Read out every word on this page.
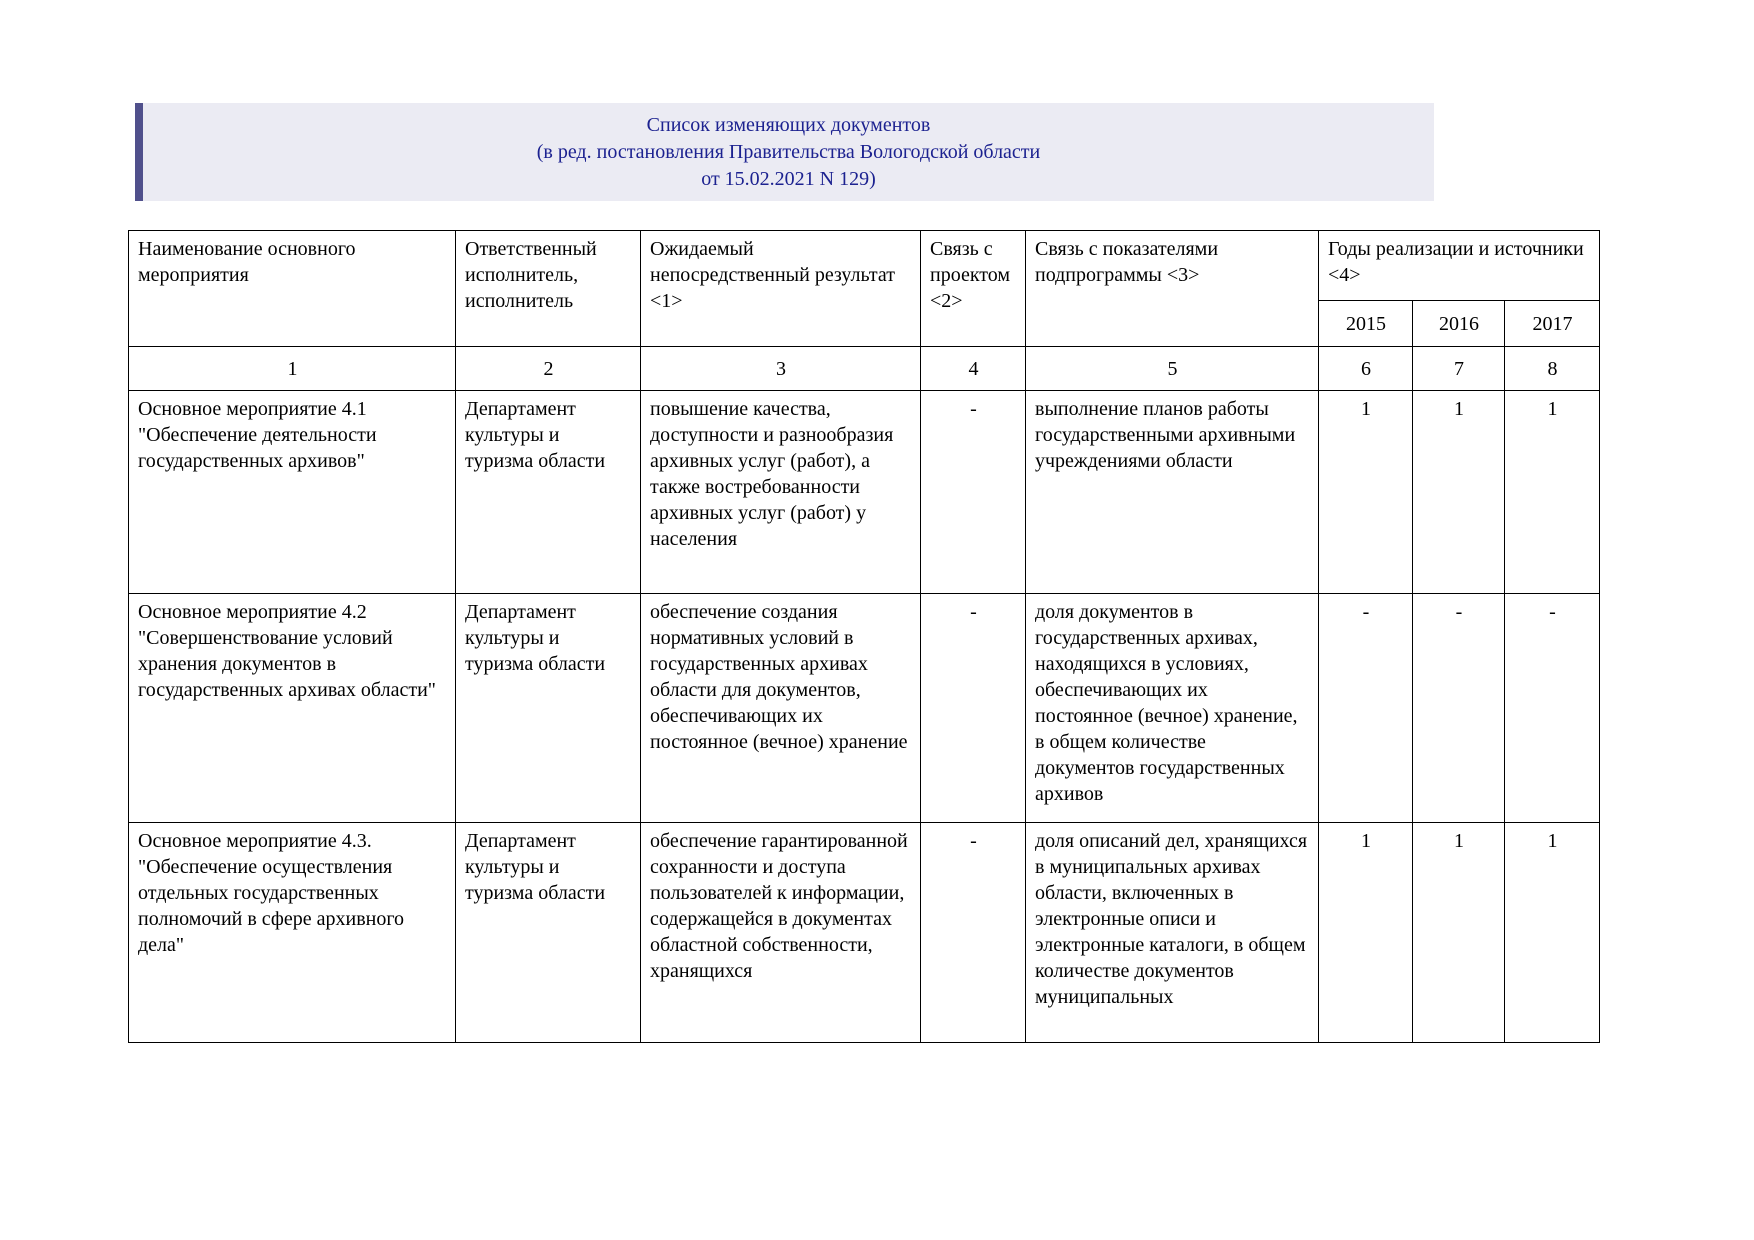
Список изменяющих документов
(в ред. постановления Правительства Вологодской области
от 15.02.2021 N 129)
Наименование основного мероприятия	Ответственный исполнитель, исполнитель	Ожидаемый непосредственный результат <1>	Связь с проектом <2>	Связь с показателями подпрограммы <3>	Годы реализации и источники <4>		
					2015	2016	2017
1	2	3	4	5	6	7	8
Основное мероприятие 4.1 "Обеспечение деятельности государственных архивов"	Департамент культуры и туризма области	повышение качества, доступности и разнообразия архивных услуг (работ), а также востребованности архивных услуг (работ) у населения	-	выполнение планов работы государственными архивными учреждениями области	1	1	1
Основное мероприятие 4.2 "Совершенствование условий хранения документов в государственных архивах области"	Департамент культуры и туризма области	обеспечение создания нормативных условий в государственных архивах области для документов, обеспечивающих их постоянное (вечное) хранение	-	доля документов в государственных архивах, находящихся в условиях, обеспечивающих их постоянное (вечное) хранение, в общем количестве документов государственных архивов	-	-	-
Основное мероприятие 4.3. "Обеспечение осуществления отдельных государственных полномочий в сфере архивного дела"	Департамент культуры и туризма области	обеспечение гарантированной сохранности и доступа пользователей к информации, содержащейся в документах областной собственности, хранящихся	-	доля описаний дел, хранящихся в муниципальных архивах области, включенных в электронные описи и электронные каталоги, в общем количестве документов муниципальных	1	1	1
